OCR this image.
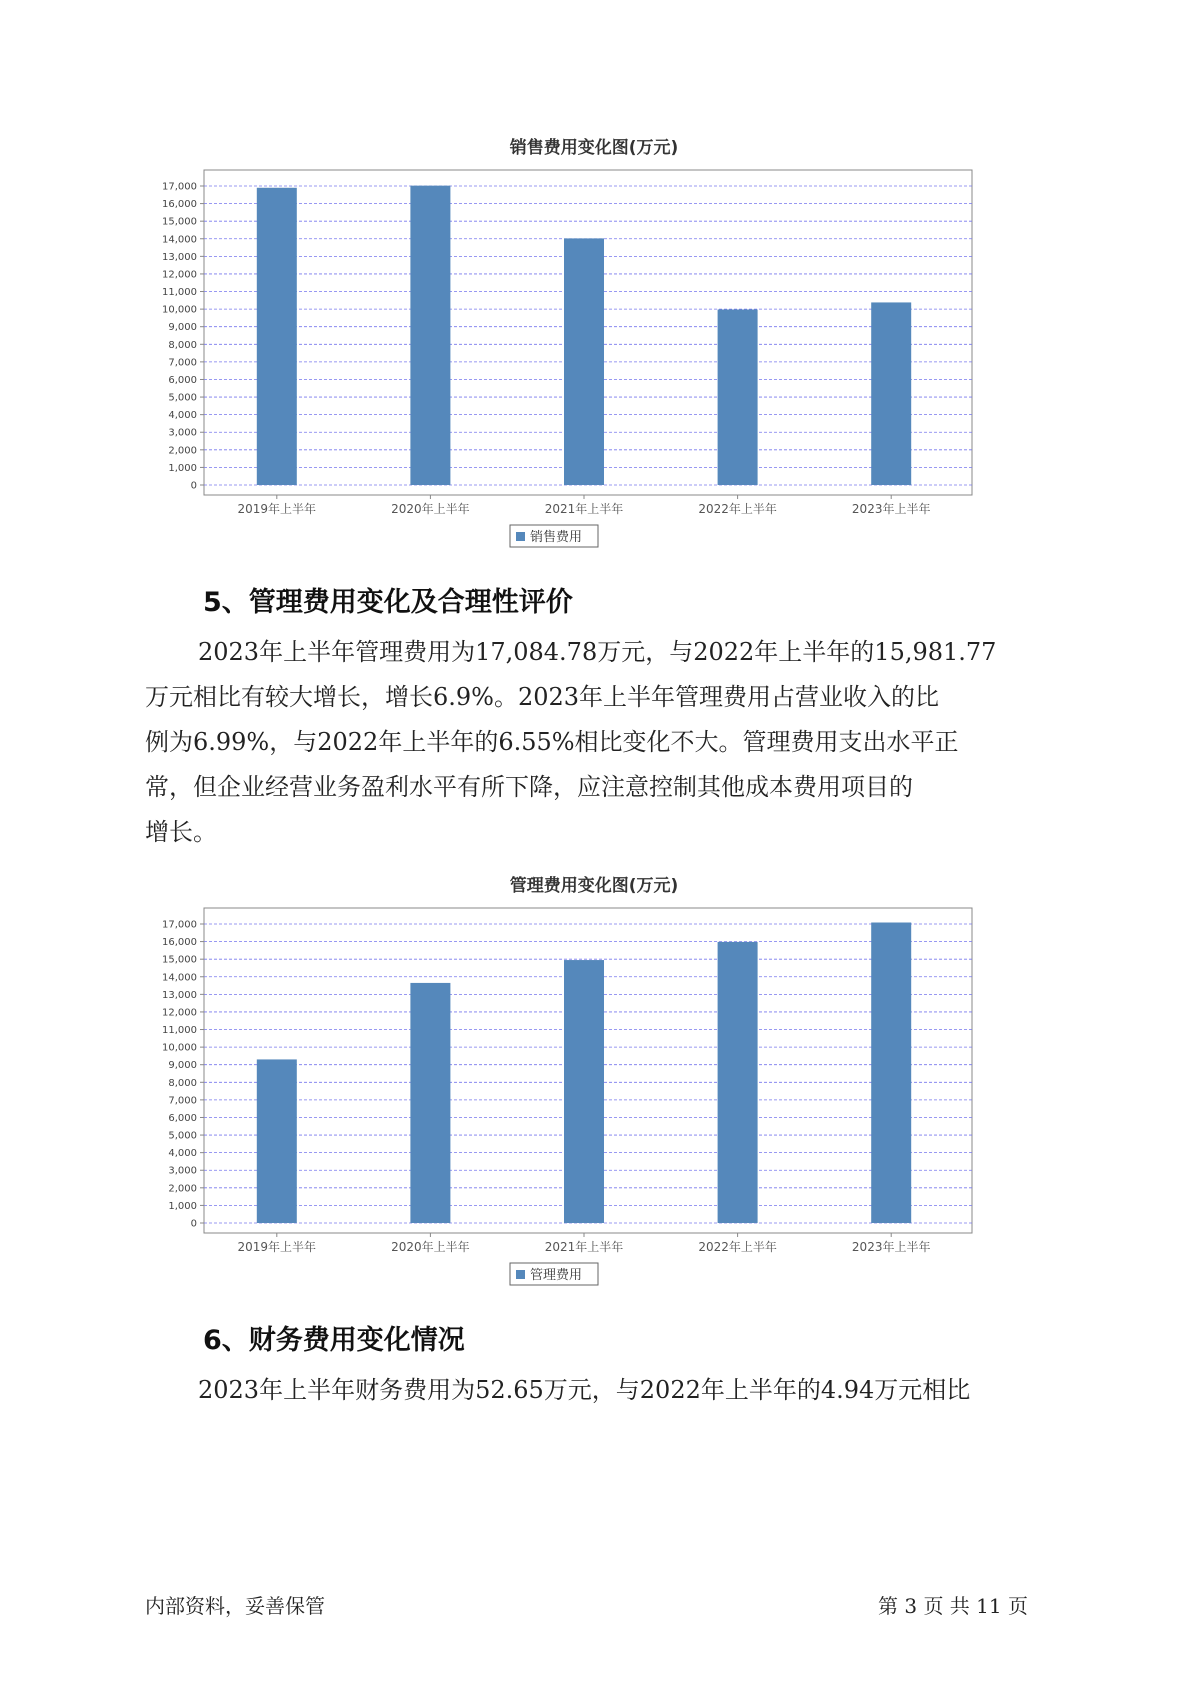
销售费用变化图(万元)
0
1,000
2,000
3,000
4,000
5,000
6,000
7,000
8,000
9,000
10,000
11,000
12,000
13,000
14,000
15,000
16,000
17,000
2019年上半年	2020年上半年	2021年上半年	2022年上半年	2023年上半年
销售费用
5、管理费用变化及合理性评价
2023年上半年管理费用为17,084.78万元，与2022年上半年的15,981.77
万元相比有较大增长，增长6.9%。2023年上半年管理费用占营业收入的比
例为6.99%，与2022年上半年的6.55%相比变化不大。管理费用支出水平正
常，但企业经营业务盈利水平有所下降，应注意控制其他成本费用项目的
增长。
管理费用变化图(万元)
0
1,000
2,000
3,000
4,000
5,000
6,000
7,000
8,000
9,000
10,000
11,000
12,000
13,000
14,000
15,000
16,000
17,000
2019年上半年	2020年上半年	2021年上半年	2022年上半年	2023年上半年
管理费用
6、财务费用变化情况
2023年上半年财务费用为52.65万元，与2022年上半年的4.94万元相比
内部资料，妥善保管	第 3 页 共 11 页
